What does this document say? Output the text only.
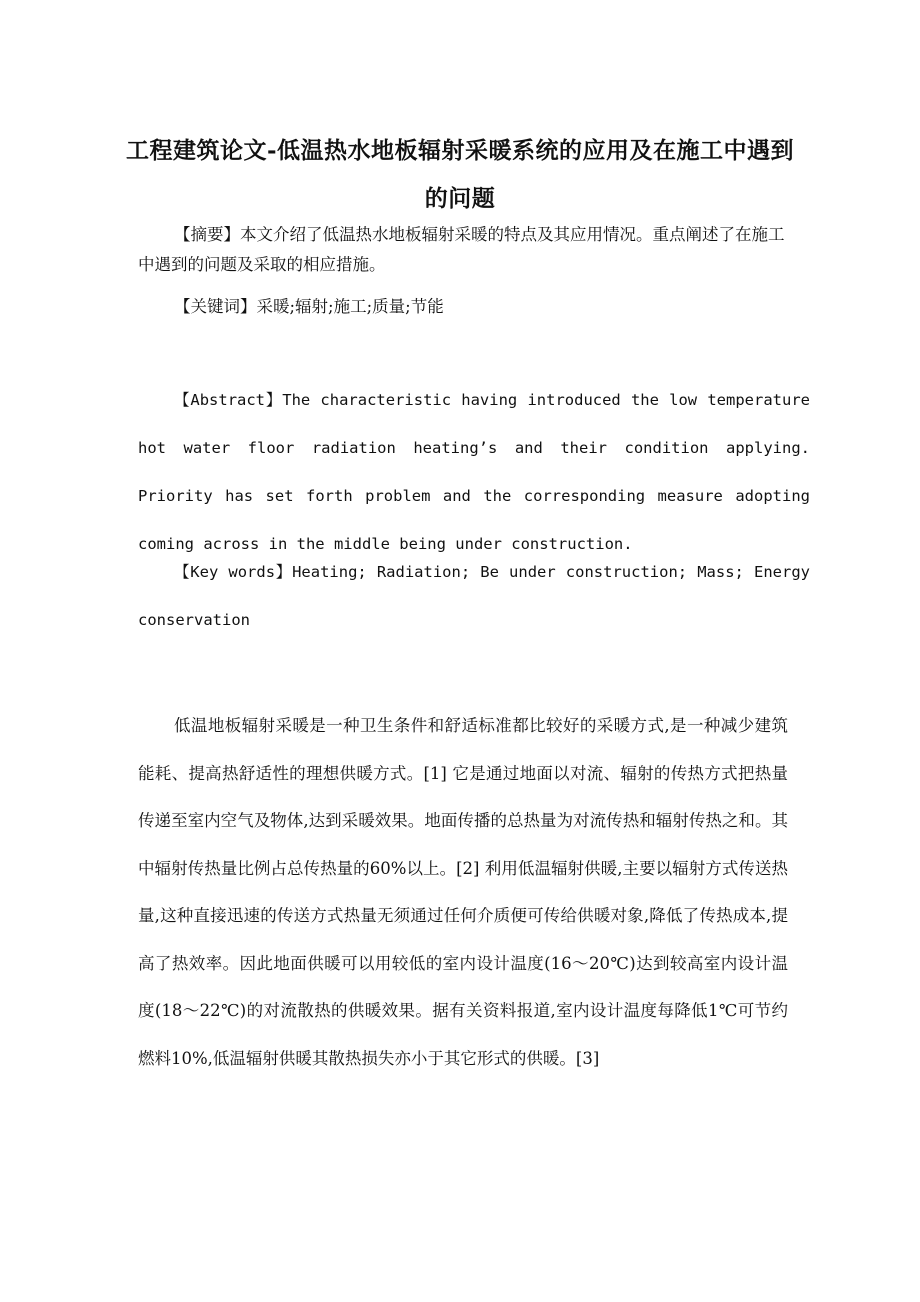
工程建筑论文-低温热水地板辐射采暖系统的应用及在施工中遇到的问题

【摘要】本文介绍了低温热水地板辐射采暖的特点及其应用情况。重点阐述了在施工中遇到的问题及采取的相应措施。

【关键词】采暖;辐射;施工;质量;节能

【Abstract】The characteristic having introduced the low temperature hot water floor radiation heating’s and their condition applying. Priority has set forth problem and the corresponding measure adopting coming across in the middle being under construction.

【Key words】Heating; Radiation; Be under construction; Mass; Energy conservation

低温地板辐射采暖是一种卫生条件和舒适标准都比较好的采暖方式,是一种减少建筑能耗、提高热舒适性的理想供暖方式。[1] 它是通过地面以对流、辐射的传热方式把热量传递至室内空气及物体,达到采暖效果。地面传播的总热量为对流传热和辐射传热之和。其中辐射传热量比例占总传热量的60%以上。[2] 利用低温辐射供暖,主要以辐射方式传送热量,这种直接迅速的传送方式热量无须通过任何介质便可传给供暖对象,降低了传热成本,提高了热效率。因此地面供暖可以用较低的室内设计温度(16～20℃)达到较高室内设计温度(18～22℃)的对流散热的供暖效果。据有关资料报道,室内设计温度每降低1℃可节约燃料10%,低温辐射供暖其散热损失亦小于其它形式的供暖。[3]
